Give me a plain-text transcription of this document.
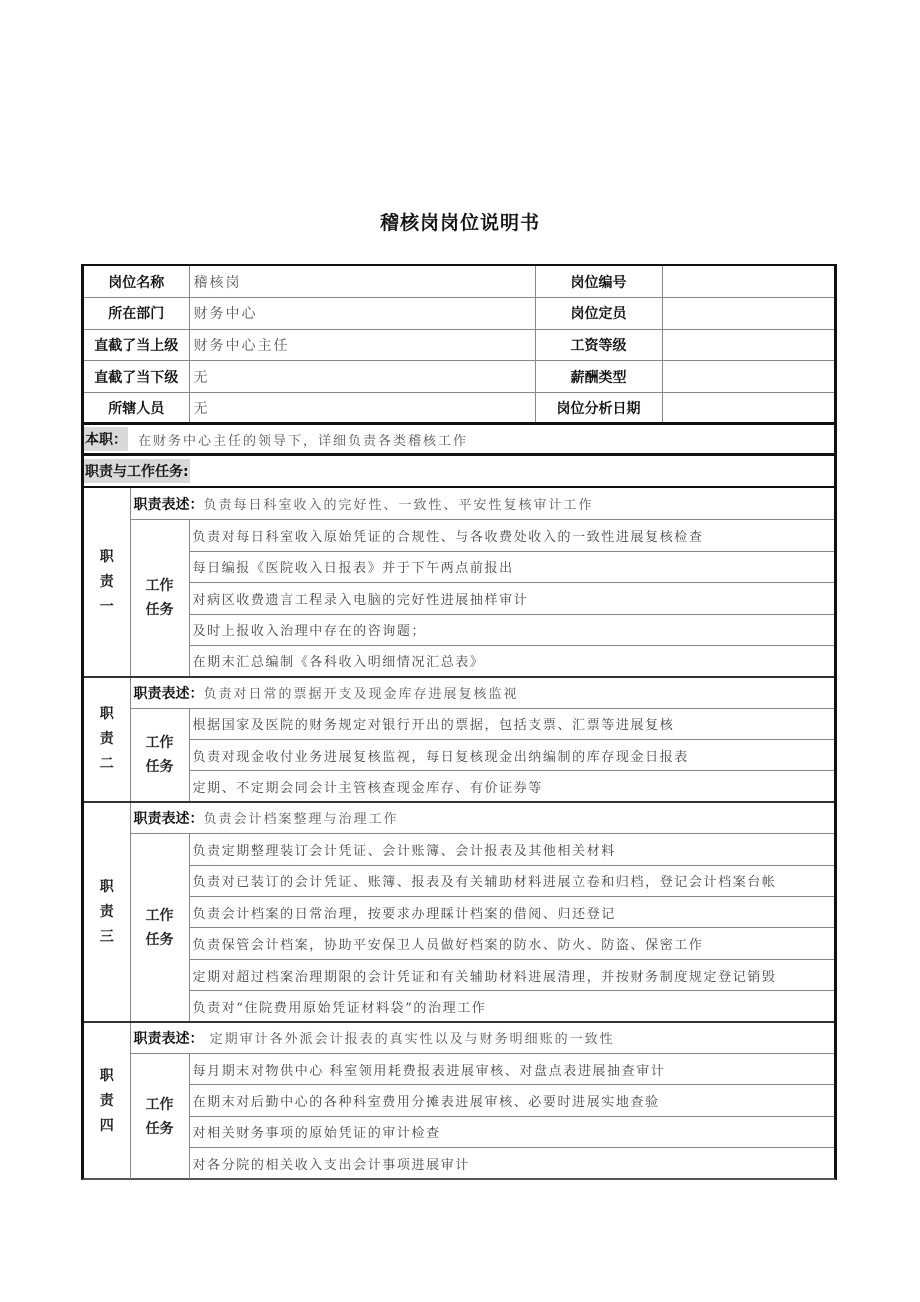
稽核岗岗位说明书
岗位名称	稽核岗	岗位编号	
所在部门	财务中心	岗位定员	
直截了当上级	财务中心主任	工资等级	
直截了当下级	无	薪酬类型	
所辖人员	无	岗位分析日期	
本职： 在财务中心主任的领导下，详细负责各类稽核工作
职责与工作任务:
职
责
一	职责表述：负责每日科室收入的完好性、一致性、平安性复核审计工作	

	工作
任务	负责对每日科室收入原始凭证的合规性、与各收费处收入的一致性进展复核检查
		每日编报《医院收入日报表》并于下午两点前报出
		对病区收费遗言工程录入电脑的完好性进展抽样审计
		及时上报收入治理中存在的咨询题；
		在期末汇总编制《各科收入明细情况汇总表》

职
责
二	职责表述：负责对日常的票据开支及现金库存进展复核监视	

	工作
任务	根据国家及医院的财务规定对银行开出的票据，包括支票、汇票等进展复核
		负责对现金收付业务进展复核监视，每日复核现金出纳编制的库存现金日报表
		定期、不定期会同会计主管核查现金库存、有价证券等

职
责
三	职责表述：负责会计档案整理与治理工作	

	工作
任务	负责定期整理装订会计凭证、会计账簿、会计报表及其他相关材料
		负责对已装订的会计凭证、账簿、报表及有关辅助材料进展立卷和归档，登记会计档案台帐
		负责会计档案的日常治理，按要求办理睬计档案的借阅、归还登记
		负责保管会计档案，协助平安保卫人员做好档案的防水、防火、防盗、保密工作
		定期对超过档案治理期限的会计凭证和有关辅助材料进展清理，并按财务制度规定登记销毁
		负责对“住院费用原始凭证材料袋”的治理工作

职
责
四	职责表述： 定期审计各外派会计报表的真实性以及与财务明细账的一致性	

	工作
任务	每月期末对物供中心 科室领用耗费报表进展审核、对盘点表进展抽查审计
		在期末对后勤中心的各种科室费用分摊表进展审核、必要时进展实地查验
		对相关财务事项的原始凭证的审计检查
		对各分院的相关收入支出会计事项进展审计
